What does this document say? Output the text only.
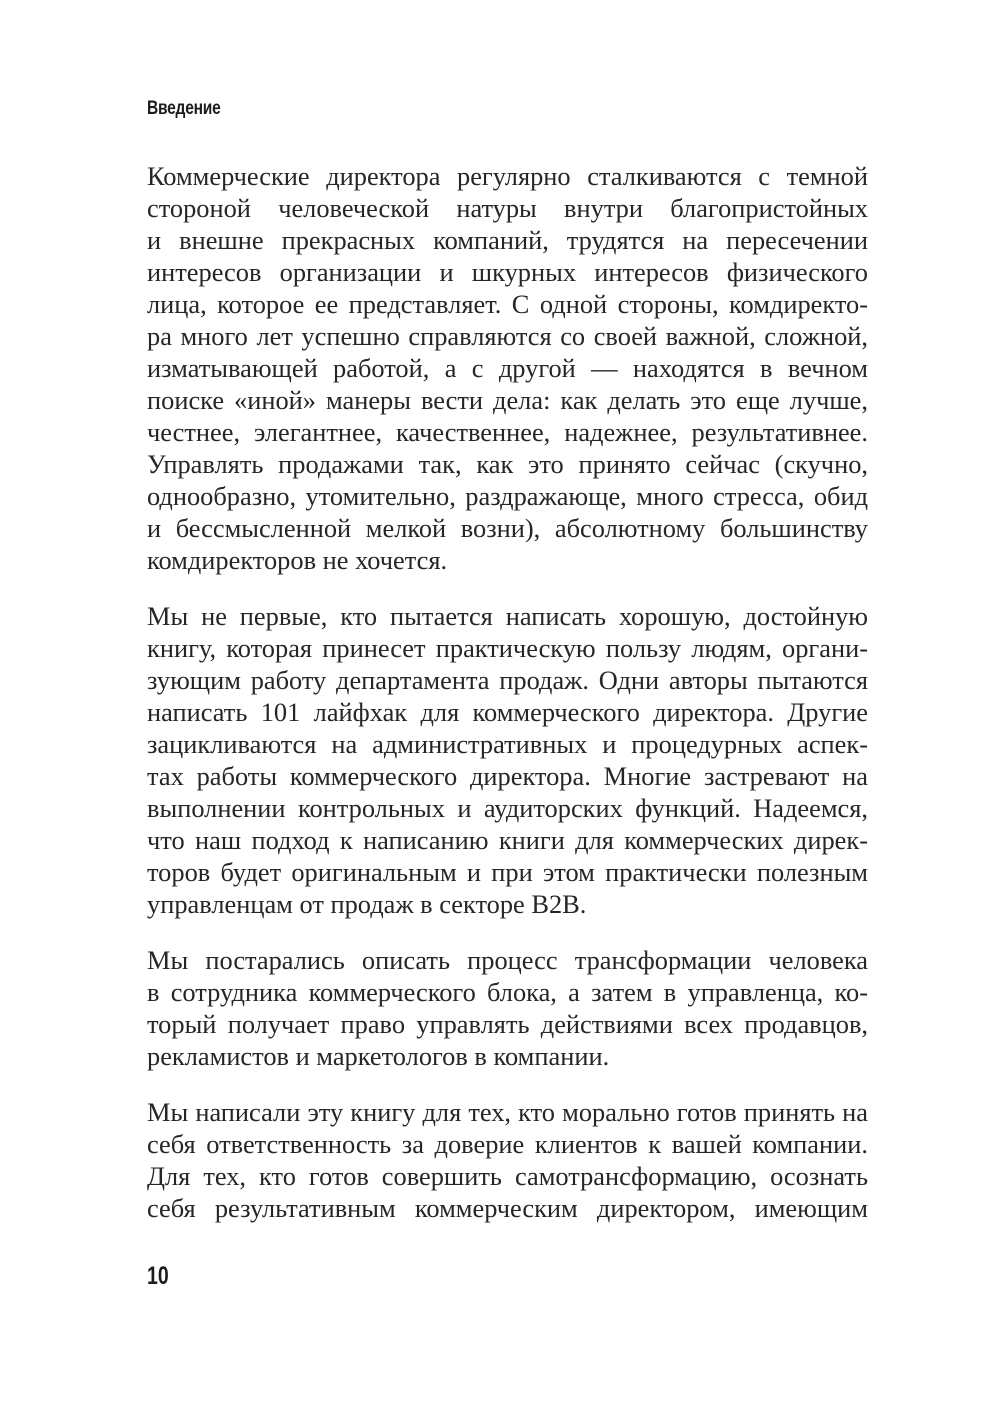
Введение
Коммерческие директора регулярно сталкиваются с темной
стороной человеческой натуры внутри благопристойных
и внешне прекрасных компаний, трудятся на пересечении
интересов организации и шкурных интересов физического
лица, которое ее представляет. С одной стороны, комдиректо-
ра много лет успешно справляются со своей важной, сложной,
изматывающей работой, а с другой — находятся в вечном
поиске «иной» манеры вести дела: как делать это еще лучше,
честнее, элегантнее, качественнее, надежнее, результативнее.
Управлять продажами так, как это принято сейчас (скучно,
однообразно, утомительно, раздражающе, много стресса, обид
и бессмысленной мелкой возни), абсолютному большинству
комдиректоров не хочется.
Мы не первые, кто пытается написать хорошую, достойную
книгу, которая принесет практическую пользу людям, органи-
зующим работу департамента продаж. Одни авторы пытаются
написать 101 лайфхак для коммерческого директора. Другие
зацикливаются на административных и процедурных аспек-
тах работы коммерческого директора. Многие застревают на
выполнении контрольных и аудиторских функций. Надеемся,
что наш подход к написанию книги для коммерческих дирек-
торов будет оригинальным и при этом практически полезным
управленцам от продаж в секторе B2B.
Мы постарались описать процесс трансформации человека
в сотрудника коммерческого блока, а затем в управленца, ко-
торый получает право управлять действиями всех продавцов,
рекламистов и маркетологов в компании.
Мы написали эту книгу для тех, кто морально готов принять на
себя ответственность за доверие клиентов к вашей компании.
Для тех, кто готов совершить самотрансформацию, осознать
себя результативным коммерческим директором, имеющим
10
